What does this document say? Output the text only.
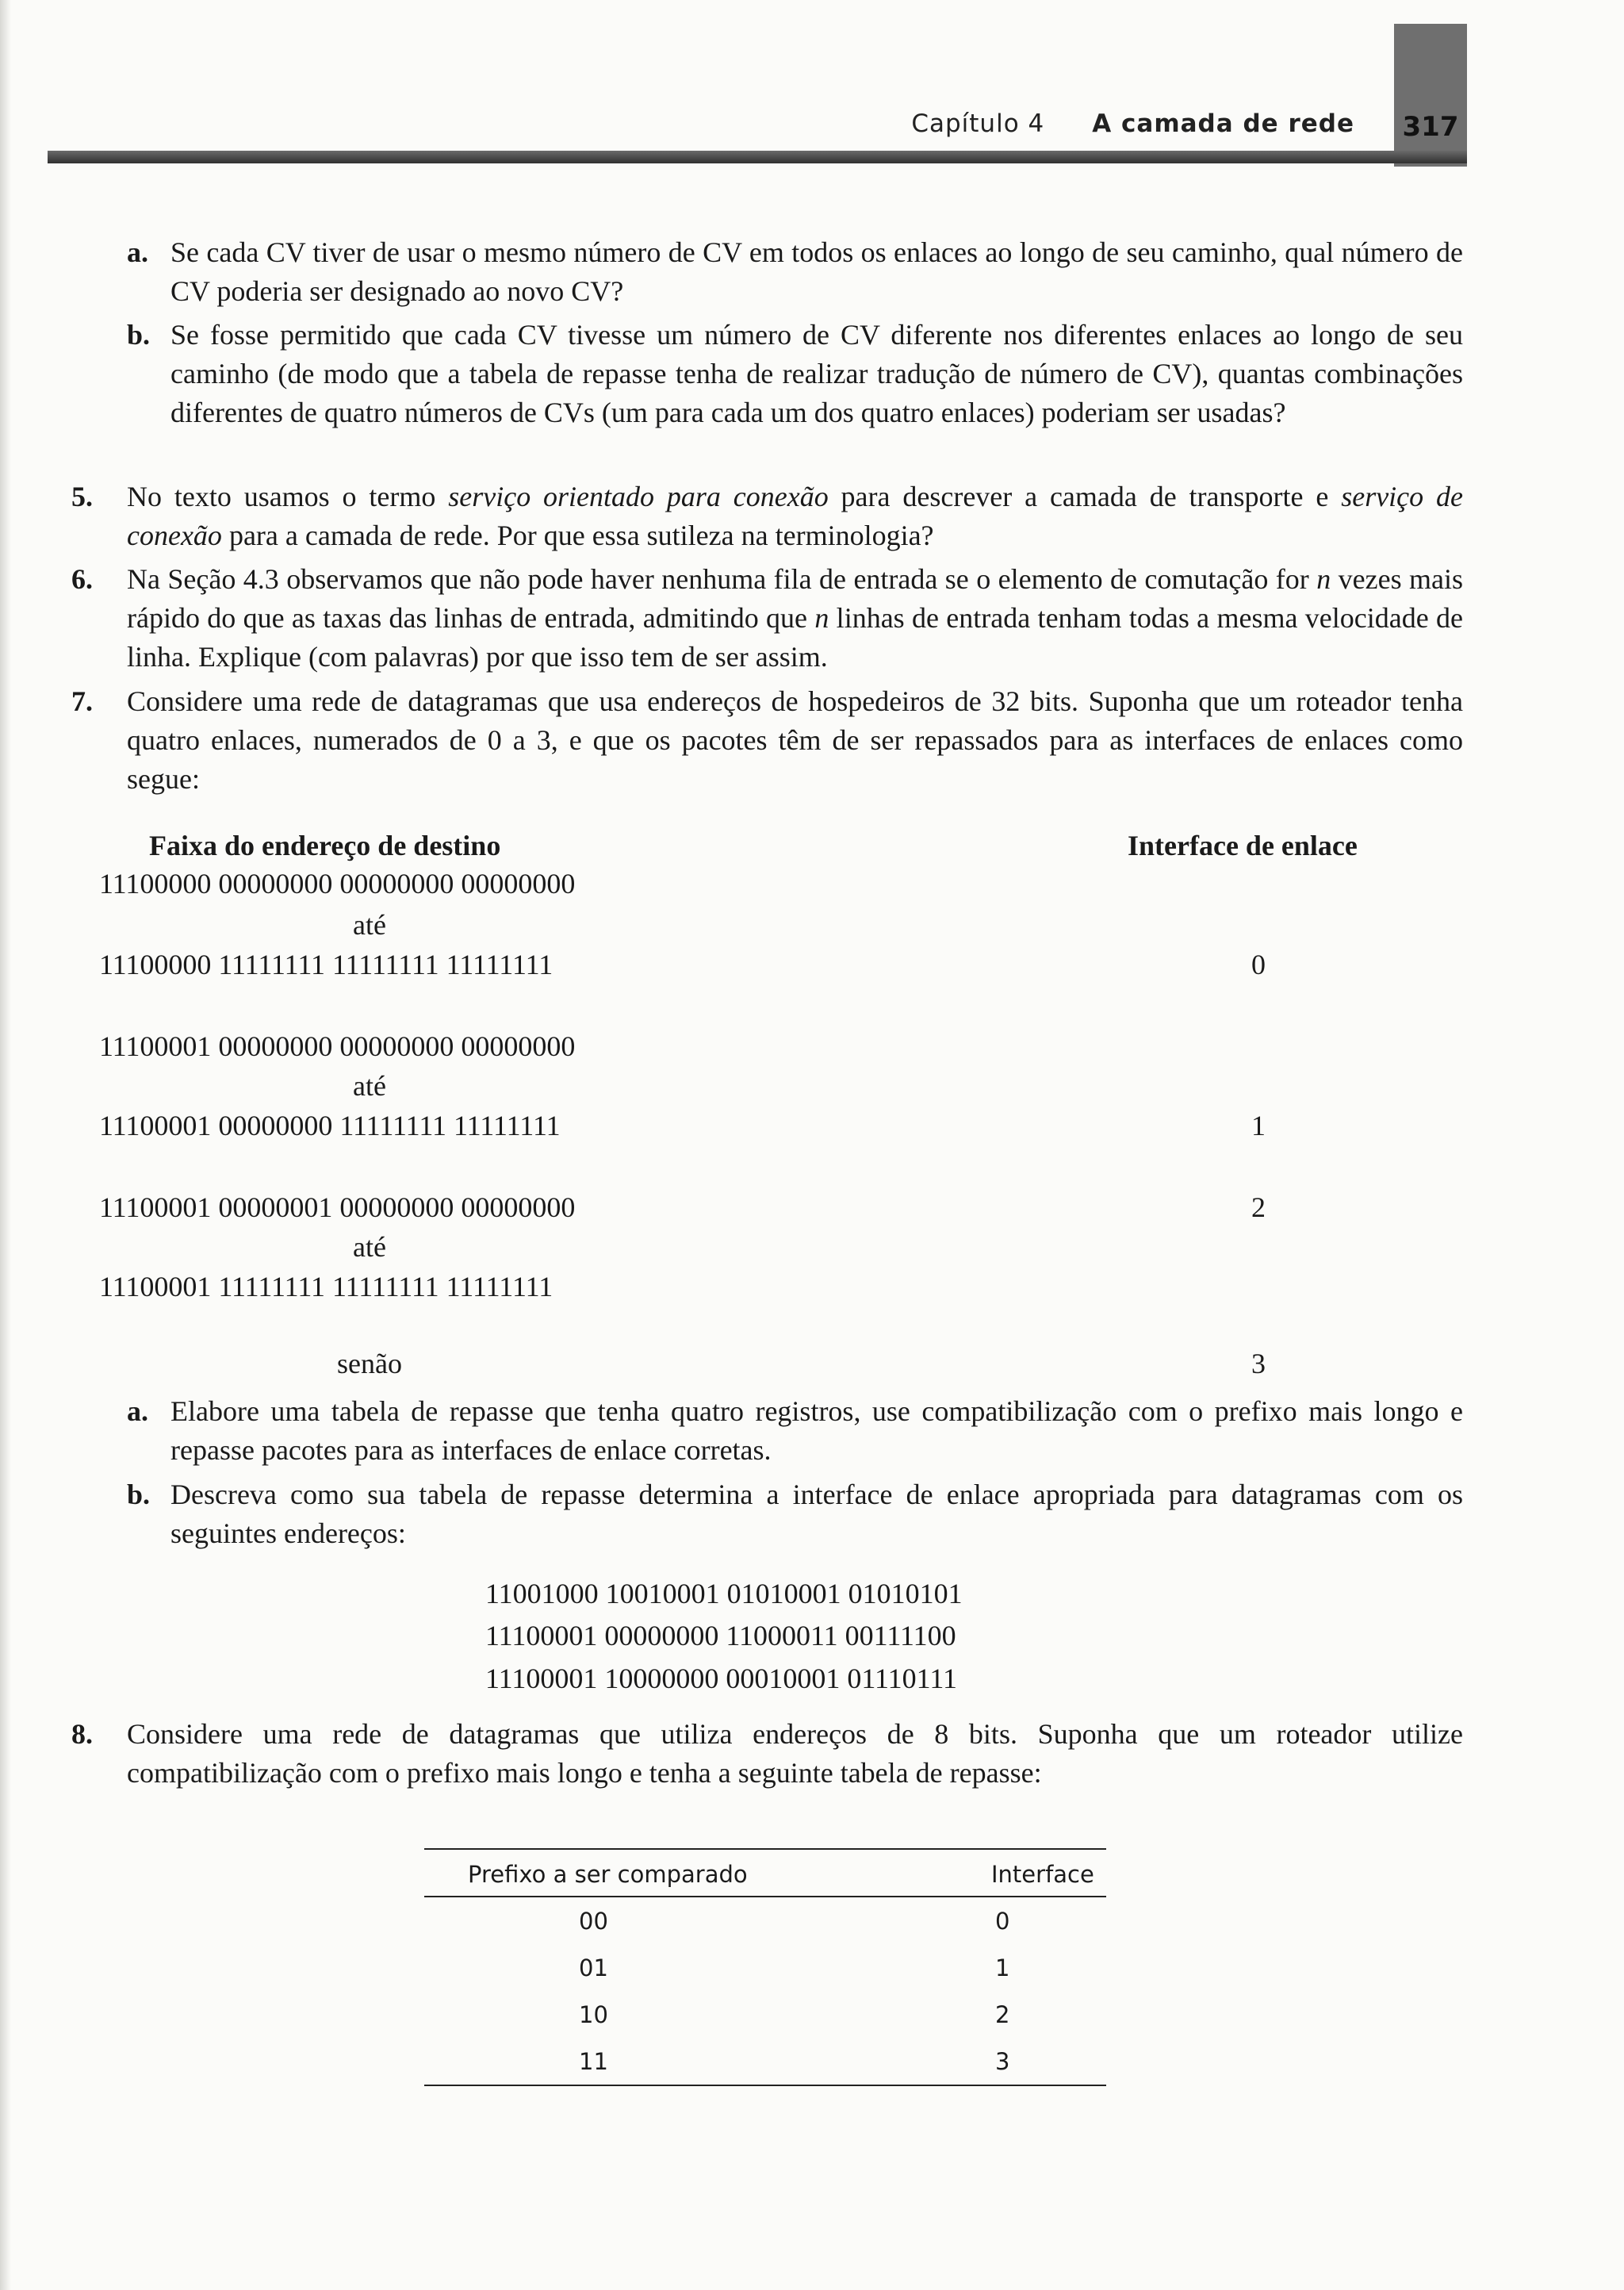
317
Capítulo 4 A camada de rede
a. Se cada CV tiver de usar o mesmo número de CV em todos os enlaces ao longo de seu caminho, qual número de CV poderia ser designado ao novo CV?
b. Se fosse permitido que cada CV tivesse um número de CV diferente nos diferentes enlaces ao longo de seu caminho (de modo que a tabela de repasse tenha de realizar tradução de número de CV), quantas combinações diferentes de quatro números de CVs (um para cada um dos quatro enlaces) poderiam ser usadas?
5. No texto usamos o termo serviço orientado para conexão para descrever a camada de transporte e serviço de conexão para a camada de rede. Por que essa sutileza na terminologia?
6. Na Seção 4.3 observamos que não pode haver nenhuma fila de entrada se o elemento de comutação for n vezes mais rápido do que as taxas das linhas de entrada, admitindo que n linhas de entrada tenham todas a mesma velocidade de linha. Explique (com palavras) por que isso tem de ser assim.
7. Considere uma rede de datagramas que usa endereços de hospedeiros de 32 bits. Suponha que um roteador tenha quatro enlaces, numerados de 0 a 3, e que os pacotes têm de ser repassados para as interfaces de enlaces como segue:
Faixa do endereço de destino	Interface de enlace
11100000 00000000 00000000 00000000
até
11100000 11111111 11111111 11111111	0
11100001 00000000 00000000 00000000
até
11100001 00000000 11111111 11111111	1
11100001 00000001 00000000 00000000	2
até
11100001 11111111 11111111 11111111
senão	3
a. Elabore uma tabela de repasse que tenha quatro registros, use compatibilização com o prefixo mais longo e repasse pacotes para as interfaces de enlace corretas.
b. Descreva como sua tabela de repasse determina a interface de enlace apropriada para datagramas com os seguintes endereços:
11001000 10010001 01010001 01010101
11100001 00000000 11000011 00111100
11100001 10000000 00010001 01110111
8. Considere uma rede de datagramas que utiliza endereços de 8 bits. Suponha que um roteador utilize compatibilização com o prefixo mais longo e tenha a seguinte tabela de repasse:
Prefixo a ser comparado	Interface
00	0
01	1
10	2
11	3
